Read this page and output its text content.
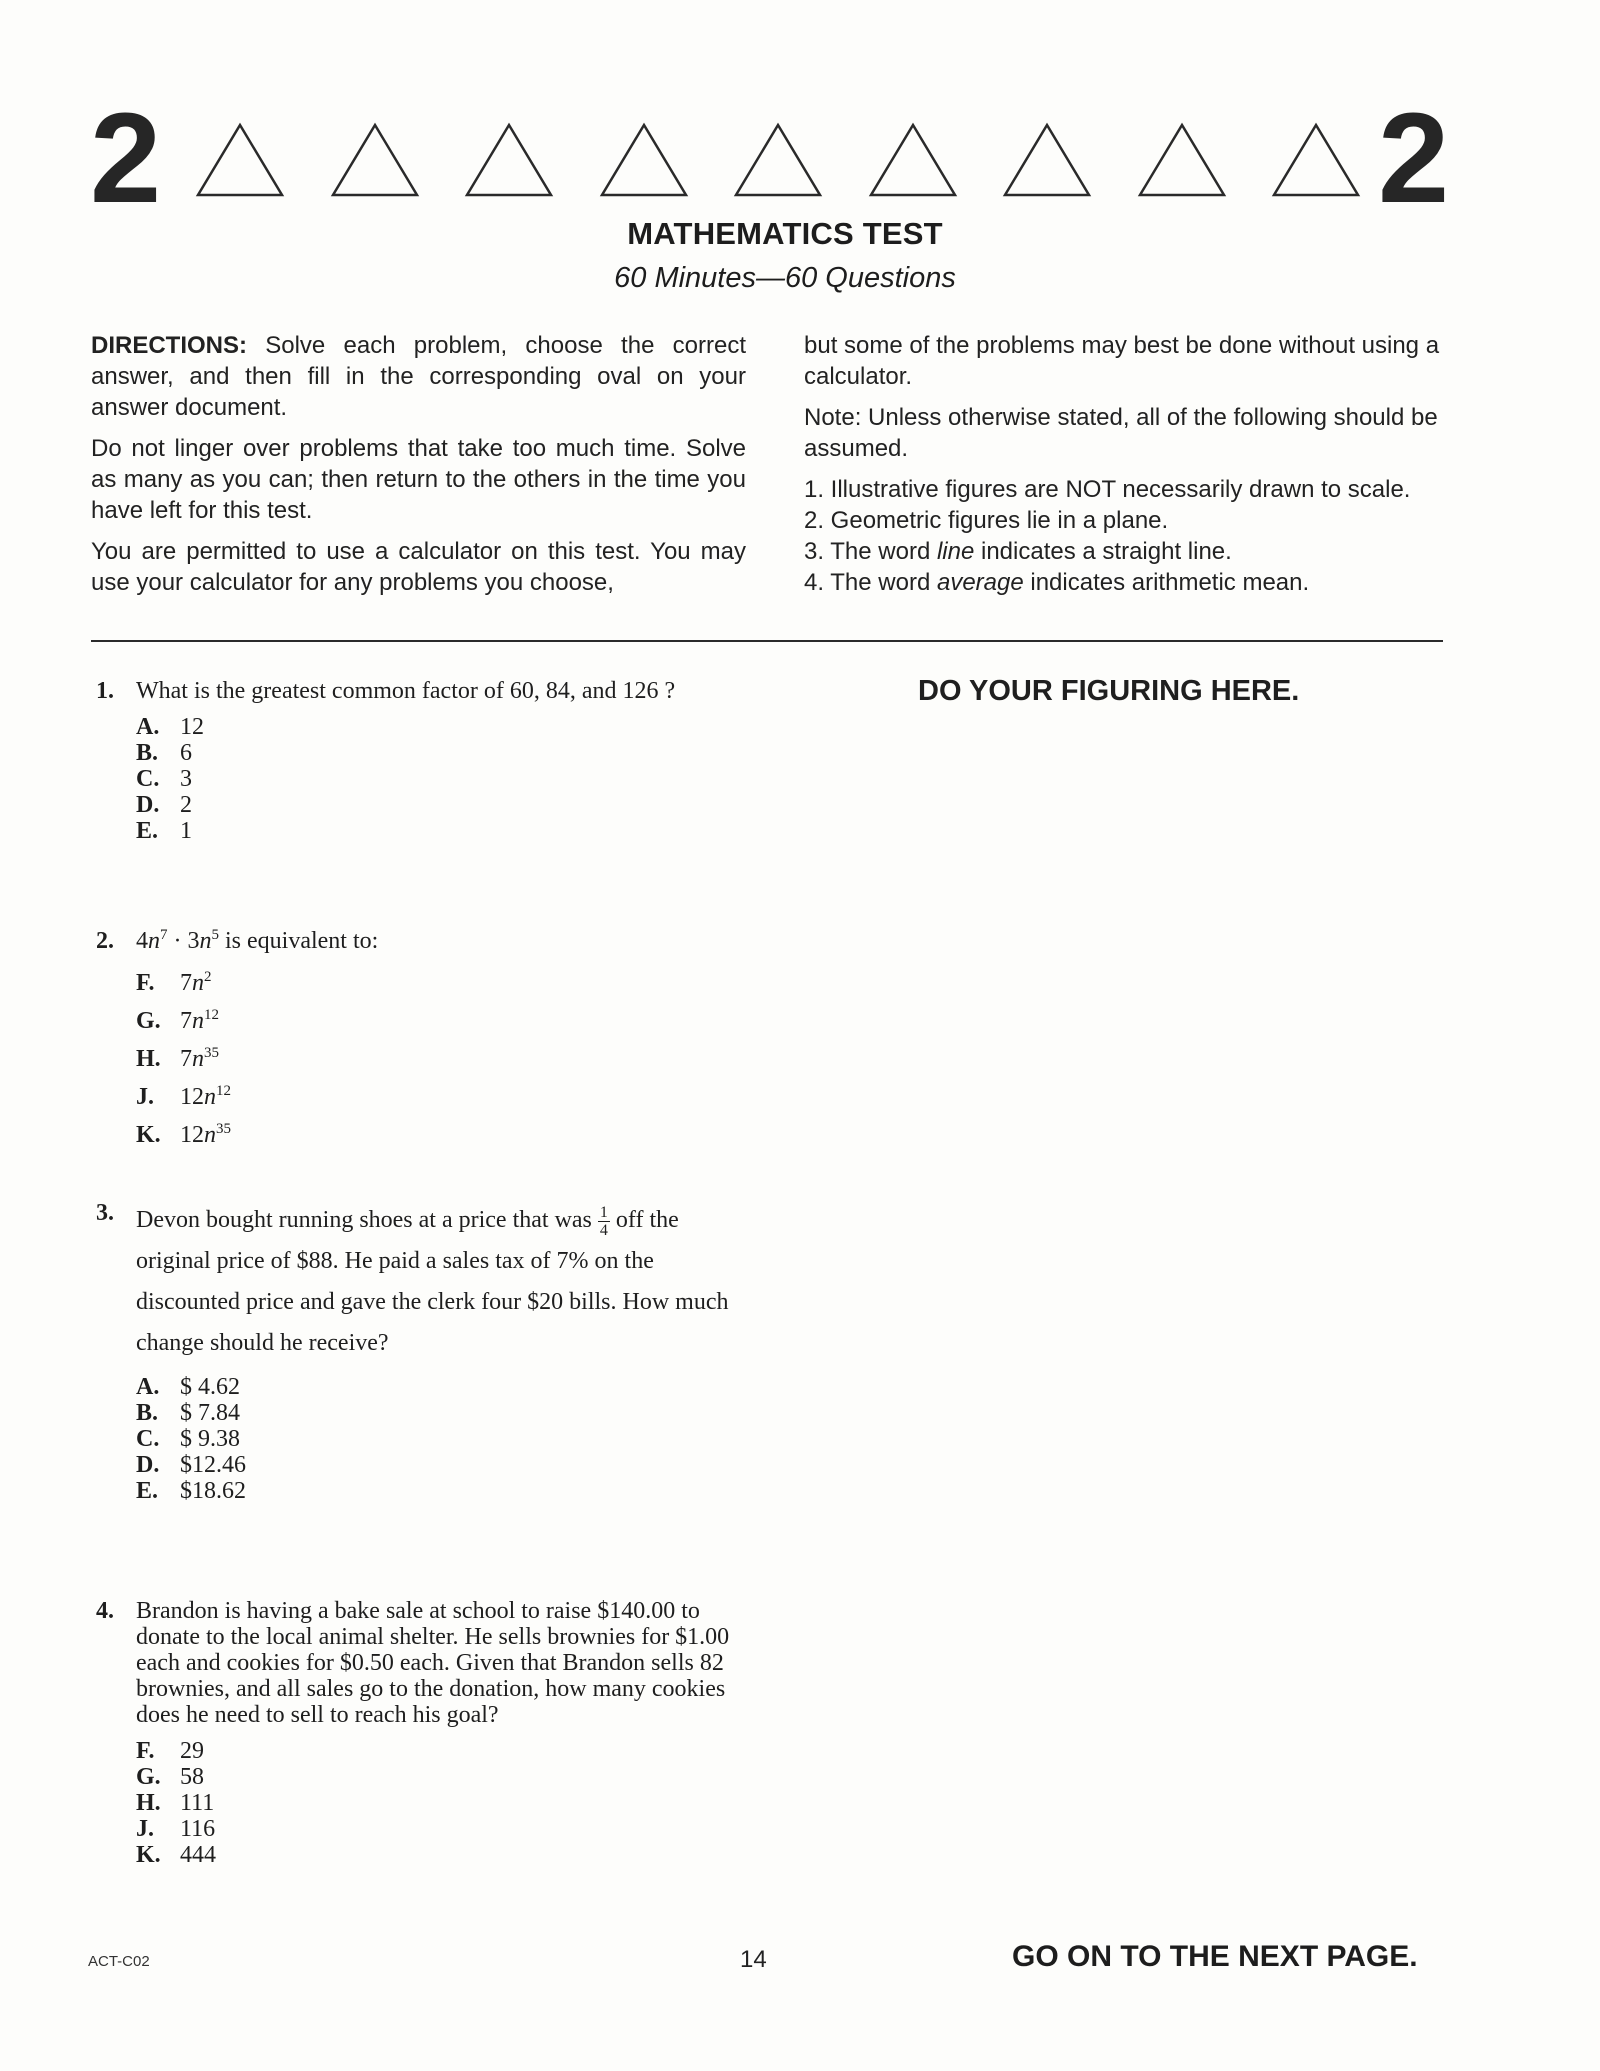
2	2
MATHEMATICS TEST
60 Minutes—60 Questions

DIRECTIONS: Solve each problem, choose the correct answer, and then fill in the corresponding oval on your answer document.

Do not linger over problems that take too much time. Solve as many as you can; then return to the others in the time you have left for this test.

You are permitted to use a calculator on this test. You may use your calculator for any problems you choose,

but some of the problems may best be done without using a calculator.

Note: Unless otherwise stated, all of the following should be assumed.

1. Illustrative figures are NOT necessarily drawn to scale.
2. Geometric figures lie in a plane.
3. The word line indicates a straight line.
4. The word average indicates arithmetic mean.
DO YOUR FIGURING HERE.
1. What is the greatest common factor of 60, 84, and 126 ?
A. 12
B. 6
C. 3
D. 2
E. 1
2. $4n^7 \cdot 3n^5$ is equivalent to:
F. $7n^2$
G. $7n^{12}$
H. $7n^{35}$
J. $12n^{12}$
K. $12n^{35}$
3. Devon bought running shoes at a price that was $\frac{1}{4}$ off the original price of $88. He paid a sales tax of 7% on the discounted price and gave the clerk four $20 bills. How much change should he receive?
A. $ 4.62
B. $ 7.84
C. $ 9.38
D. $12.46
E. $18.62
4. Brandon is having a bake sale at school to raise $140.00 to donate to the local animal shelter. He sells brownies for $1.00 each and cookies for $0.50 each. Given that Brandon sells 82 brownies, and all sales go to the donation, how many cookies does he need to sell to reach his goal?
F. 29
G. 58
H. 111
J. 116
K. 444
ACT-C02	14	GO ON TO THE NEXT PAGE.
